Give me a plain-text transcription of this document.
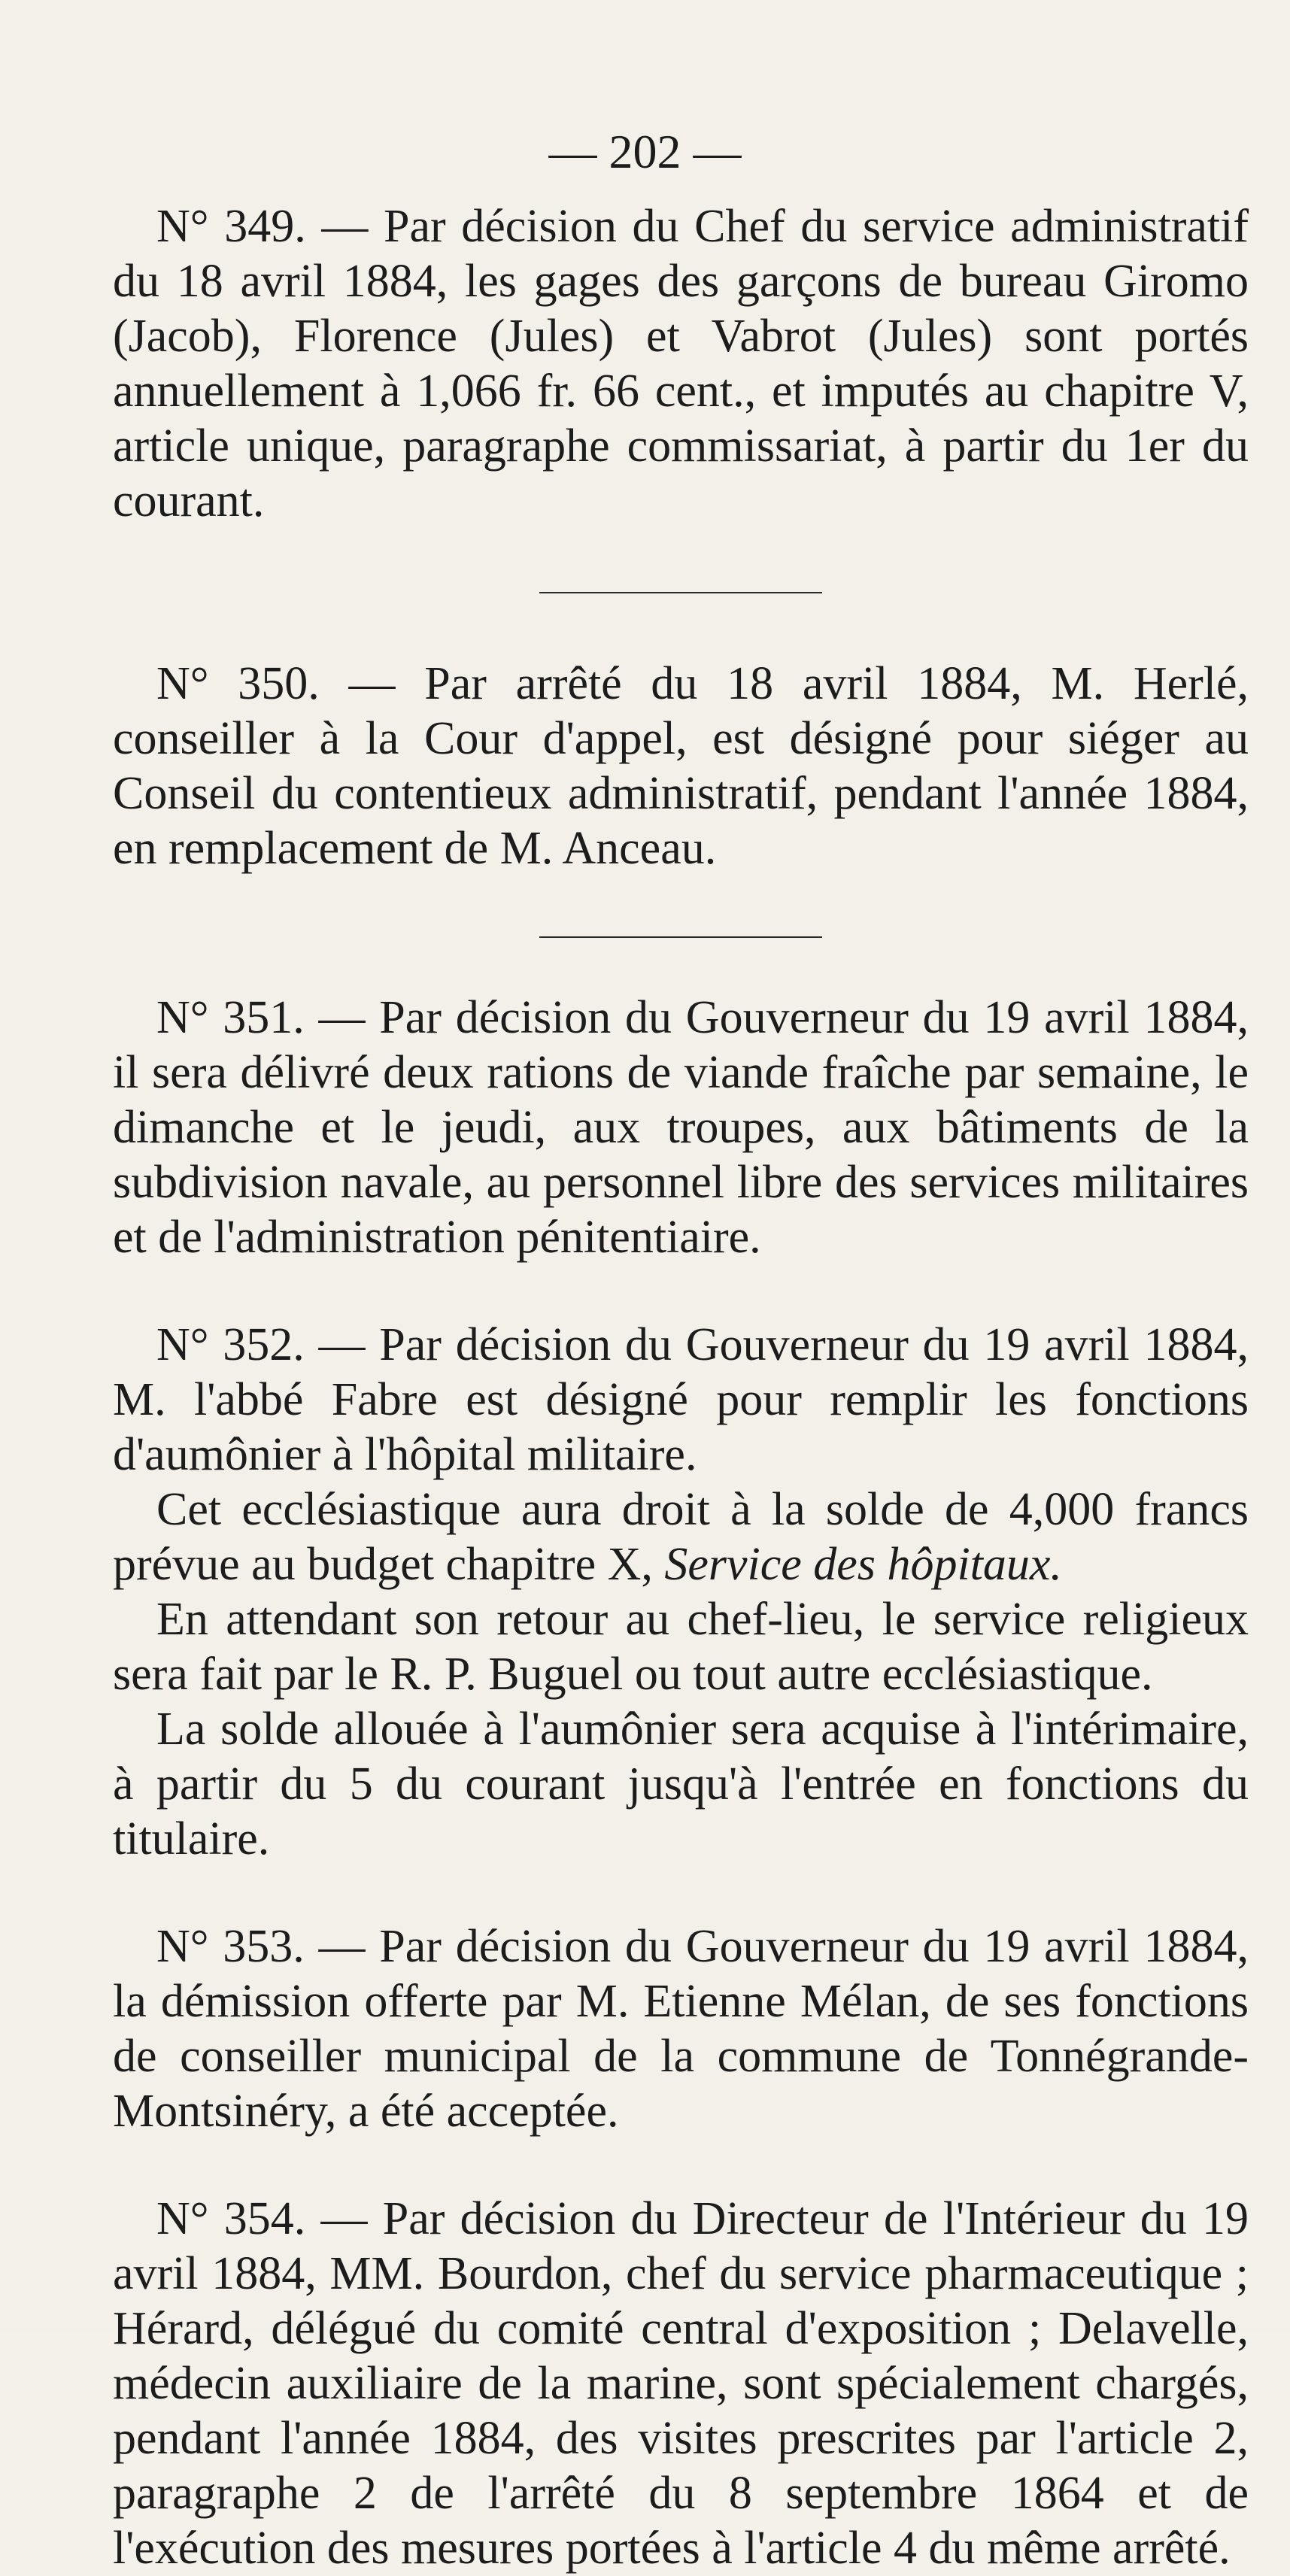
— 202 —

N° 349. — Par décision du Chef du service administratif du 18 avril 1884, les gages des garçons de bureau Giromo (Jacob), Florence (Jules) et Vabrot (Jules) sont portés annuellement à 1,066 fr. 66 cent., et imputés au chapitre V, article unique, paragraphe commissariat, à partir du 1er du courant.

N° 350. — Par arrêté du 18 avril 1884, M. Herlé, conseiller à la Cour d'appel, est désigné pour siéger au Conseil du contentieux administratif, pendant l'année 1884, en remplacement de M. Anceau.

N° 351. — Par décision du Gouverneur du 19 avril 1884, il sera délivré deux rations de viande fraîche par semaine, le dimanche et le jeudi, aux troupes, aux bâtiments de la subdivision navale, au personnel libre des services militaires et de l'administration pénitentiaire.

N° 352. — Par décision du Gouverneur du 19 avril 1884, M. l'abbé Fabre est désigné pour remplir les fonctions d'aumônier à l'hôpital militaire.

Cet ecclésiastique aura droit à la solde de 4,000 francs prévue au budget chapitre X, Service des hôpitaux.

En attendant son retour au chef-lieu, le service religieux sera fait par le R. P. Buguel ou tout autre ecclésiastique.

La solde allouée à l'aumônier sera acquise à l'intérimaire, à partir du 5 du courant jusqu'à l'entrée en fonctions du titulaire.

N° 353. — Par décision du Gouverneur du 19 avril 1884, la démission offerte par M. Etienne Mélan, de ses fonctions de conseiller municipal de la commune de Tonnégrande-Montsinéry, a été acceptée.

N° 354. — Par décision du Directeur de l'Intérieur du 19 avril 1884, MM. Bourdon, chef du service pharmaceutique ; Hérard, délégué du comité central d'exposition ; Delavelle, médecin auxiliaire de la marine, sont spécialement chargés, pendant l'année 1884, des visites prescrites par l'article 2, paragraphe 2 de l'arrêté du 8 septembre 1864 et de l'exécution des mesures portées à l'article 4 du même arrêté.
